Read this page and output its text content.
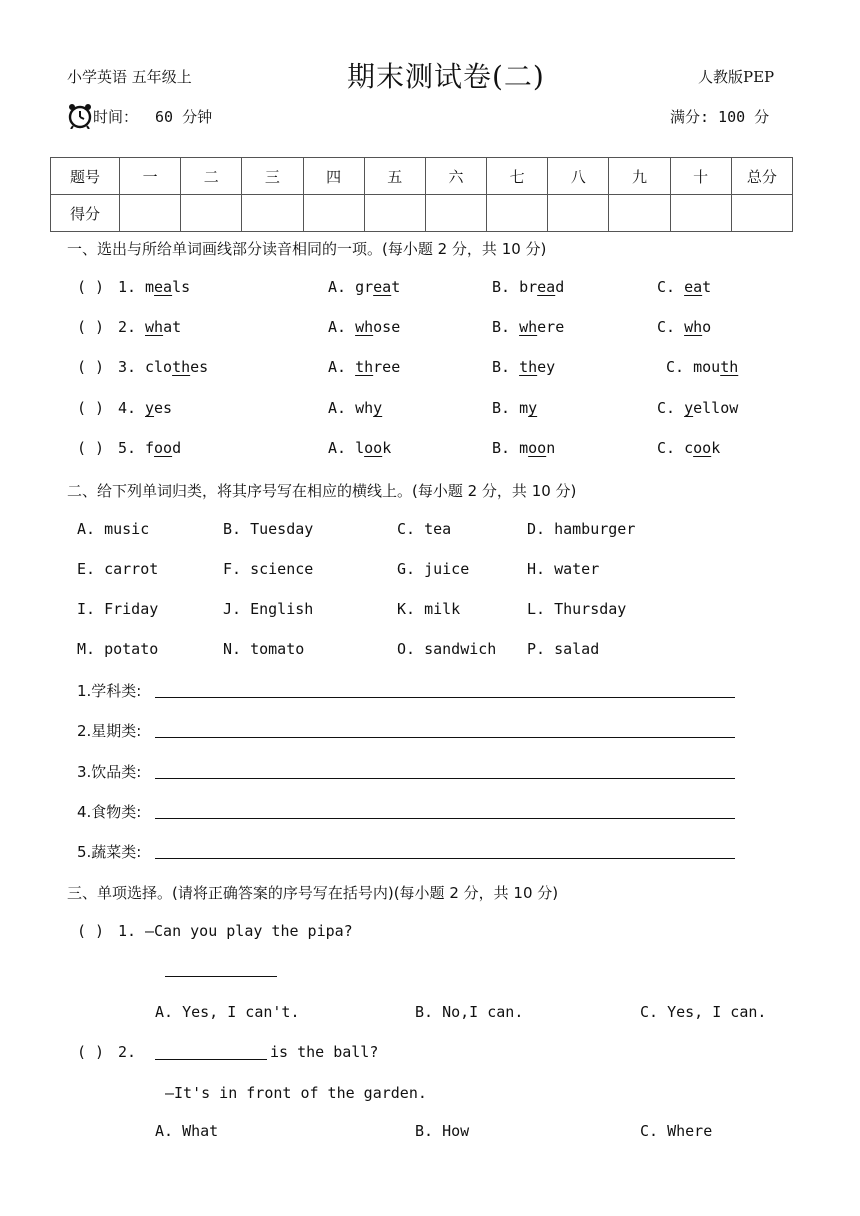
小学英语 五年级上	期末测试卷(二)	人教版PEP
时间： 60 分钟	满分: 100 分
题号	一	二	三	四	五	六	七	八	九	十	总分
得分											
一、选出与所给单词画线部分读音相同的一项。(每小题 2 分，共 10 分)
( ) 1. meals	A. great	B. bread	C. eat
( ) 2. what	A. whose	B. where	C. who
( ) 3. clothes	A. three	B. they	C. mouth
( ) 4. yes	A. why	B. my	C. yellow
( ) 5. food	A. look	B. moon	C. cook
二、给下列单词归类，将其序号写在相应的横线上。(每小题 2 分，共 10 分)
A. music	B. Tuesday	C. tea	D. hamburger
E. carrot	F. science	G. juice	H. water
I. Friday	J. English	K. milk	L. Thursday
M. potato	N. tomato	O. sandwich P. salad
1.学科类:
2.星期类:
3.饮品类:
4.食物类:
5.蔬菜类:
三、单项选择。(请将正确答案的序号写在括号内)(每小题 2 分，共 10 分)
( ) 1. —Can you play the pipa?
A. Yes, I can't.	B. No,I can.	C. Yes, I can.
( ) 2.	is the ball?
—It's in front of the garden.
A. What	B. How	C. Where
